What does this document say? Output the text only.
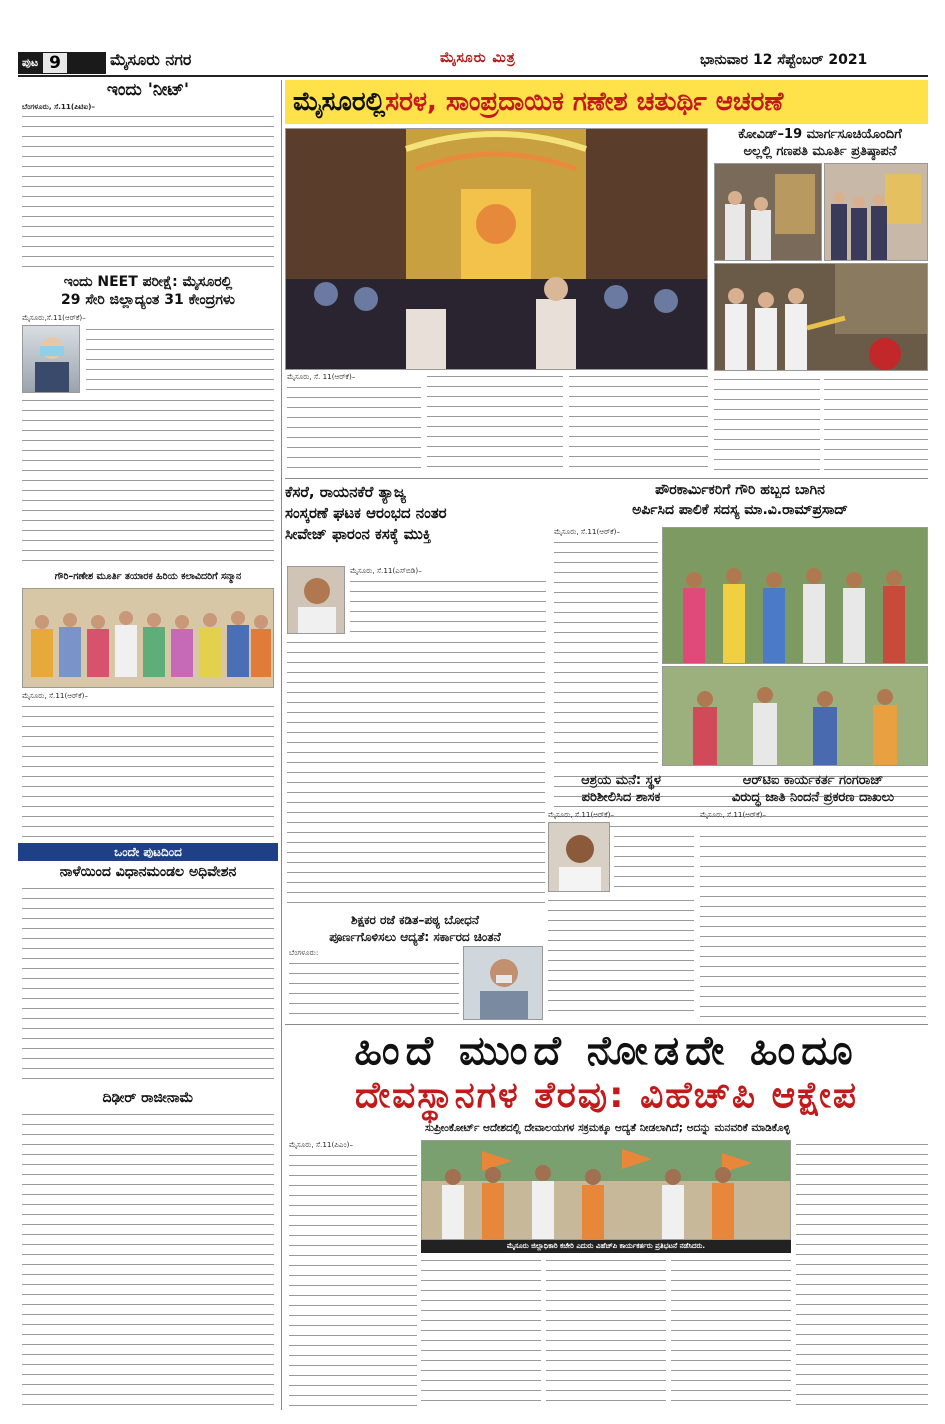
ಪುಟ 9	ಮೈಸೂರು ನಗರ	ಮೈಸೂರು ಮಿತ್ರ	ಭಾನುವಾರ 12 ಸೆಪ್ಟೆಂಬರ್ 2021
ಮೈಸೂರಲ್ಲಿ ಸರಳ, ಸಾಂಪ್ರದಾಯಿಕ ಗಣೇಶ ಚತುರ್ಥಿ ಆಚರಣೆ
ಇಂದು 'ನೀಟ್'
ಬೆಂಗಳೂರು, ಸೆ.11(ಪಿಟಿಐ)–
ಇಂದು NEET ಪರೀಕ್ಷೆ: ಮೈಸೂರಲ್ಲಿ
29 ಸೇರಿ ಜಿಲ್ಲಾದ್ಯಂತ 31 ಕೇಂದ್ರಗಳು
ಮೈಸೂರು,ಸೆ.11(ಆರ್‌ಕೆ)–
ಗೌರಿ–ಗಣೇಶ ಮೂರ್ತಿ ತಯಾರಕ ಹಿರಿಯ ಕಲಾವಿದರಿಗೆ ಸನ್ಮಾನ
ಮೈಸೂರು, ಸೆ.11(ಆರ್‌ಕೆ)–
ಒಂದೇ ಪುಟದಿಂದ
ನಾಳೆಯಿಂದ ವಿಧಾನಮಂಡಲ ಅಧಿವೇಶನ
ದಿಢೀರ್ ರಾಜೀನಾಮೆ
ಮೈಸೂರು, ಸೆ. 11(ಆರ್‌ಕೆ)–
ಕೋವಿಡ್–19 ಮಾರ್ಗಸೂಚಿಯೊಂದಿಗೆ
ಅಲ್ಲಲ್ಲಿ ಗಣಪತಿ ಮೂರ್ತಿ ಪ್ರತಿಷ್ಠಾಪನೆ
ಕೆಸರೆ, ರಾಯನಕೆರೆ ತ್ಯಾಜ್ಯ
ಸಂಸ್ಕರಣೆ ಘಟಕ ಆರಂಭದ ನಂತರ
ಸೀವೇಜ್ ಫಾರಂನ ಕಸಕ್ಕೆ ಮುಕ್ತಿ
ಮೈಸೂರು, ಸೆ.11(ಎಸ್‌ಬಿಡಿ)–
ಪೌರಕಾರ್ಮಿಕರಿಗೆ ಗೌರಿ ಹಬ್ಬದ ಬಾಗಿನ
ಅರ್ಪಿಸಿದ ಪಾಲಿಕೆ ಸದಸ್ಯ ಮಾ.ವಿ.ರಾಮ್‌ಪ್ರಸಾದ್
ಮೈಸೂರು, ಸೆ.11(ಆರ್‌ಕೆ)–
ಆಶ್ರಯ ಮನೆ: ಸ್ಥಳ
ಪರಿಶೀಲಿಸಿದ ಶಾಸಕ
ಮೈಸೂರು, ಸೆ.11(ಆರ್‌ಕೆ)–
ಆರ್‌ಟಿಐ ಕಾರ್ಯಕರ್ತ ಗಂಗರಾಜ್
ವಿರುದ್ಧ ಜಾತಿ ನಿಂದನೆ ಪ್ರಕರಣ ದಾಖಲು
ಮೈಸೂರು, ಸೆ.11(ಆರ್‌ಕೆ)–
ಶಿಕ್ಷಕರ ರಜೆ ಕಡಿತ–ಪಠ್ಯ ಬೋಧನೆ
ಪೂರ್ಣಗೊಳಿಸಲು ಆದ್ಯತೆ: ಸರ್ಕಾರದ ಚಿಂತನೆ
ಬೆಂಗಳೂರು:
ಹಿಂದೆ ಮುಂದೆ ನೋಡದೇ ಹಿಂದೂ
ದೇವಸ್ಥಾನಗಳ ತೆರವು: ವಿಹೆಚ್‌ಪಿ ಆಕ್ಷೇಪ
ಸುಪ್ರೀಂಕೋರ್ಟ್ ಆದೇಶದಲ್ಲಿ ದೇವಾಲಯಗಳ ಸಕ್ರಮಕ್ಕೂ ಆದ್ಯತೆ ನೀಡಲಾಗಿದೆ; ಅದನ್ನು ಮನವರಿಕೆ ಮಾಡಿಕೊಳ್ಳಿ
ಮೈಸೂರು, ಸೆ.11(ಪಿಎಂ)–
ಮೈಸೂರು ಜಿಲ್ಲಾಧಿಕಾರಿ ಕಚೇರಿ ಎದುರು ವಿಹೆಚ್‌ಪಿ ಕಾರ್ಯಕರ್ತರು ಪ್ರತಿಭಟನೆ ನಡೆಸಿದರು.
